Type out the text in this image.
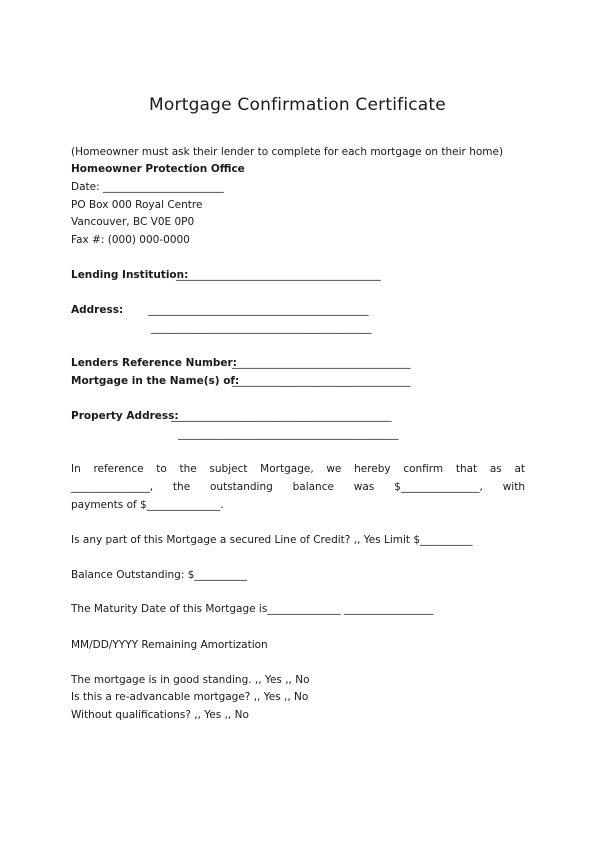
Mortgage Confirmation Certificate
(Homeowner must ask their lender to complete for each mortgage on their home)
Homeowner Protection Office
Date: _______________________
PO Box 000 Royal Centre
Vancouver, BC V0E 0P0
Fax #: (000) 000-0000
Lending Institution:
_______________________________________
Address: __________________________________________
__________________________________________
Lenders Reference Number:
__________________________________
Mortgage in the Name(s) of:
__________________________________
Property Address:
__________________________________________
__________________________________________
In reference to the subject Mortgage, we hereby confirm that as at
_______________, the outstanding balance was $_______________, with
payments of $______________.
Is any part of this Mortgage a secured Line of Credit? ,, Yes Limit $__________
Balance Outstanding: $__________
The Maturity Date of this Mortgage is______________ _________________
MM/DD/YYYY Remaining Amortization
The mortgage is in good standing. ,, Yes ,, No
Is this a re-advancable mortgage? ,, Yes ,, No
Without qualifications? ,, Yes ,, No
